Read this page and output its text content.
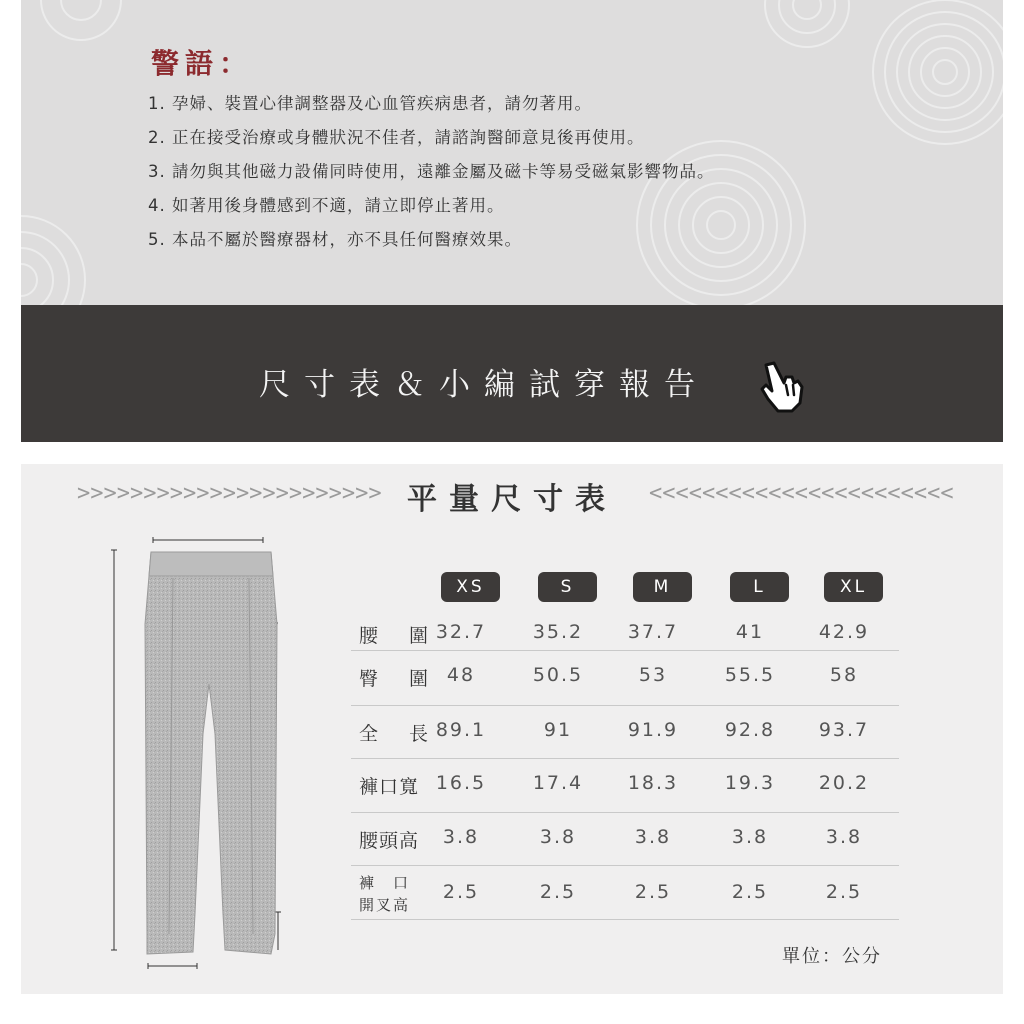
警語：
1. 孕婦、裝置心律調整器及心血管疾病患者，請勿著用。
2. 正在接受治療或身體狀況不佳者，請諮詢醫師意見後再使用。
3. 請勿與其他磁力設備同時使用，遠離金屬及磁卡等易受磁氣影響物品。
4. 如著用後身體感到不適，請立即停止著用。
5. 本品不屬於醫療器材，亦不具任何醫療效果。
尺寸表＆小編試穿報告
>>>>>>>>>>>>>>>>>>>>>>> 平量尺寸表 <<<<<<<<<<<<<<<<<<<<<<<
XS	S	M	L	XL
腰　圍 32.7	35.2	37.7	41	42.9
臀　圍 48	50.5	53	55.5	58
全　長 89.1	91	91.9	92.8	93.7
褲口寬 16.5	17.4	18.3	19.3	20.2
腰頭高	3.8	3.8	3.8	3.8	3.8
褲　口
開叉高
2.5	2.5	2.5	2.5	2.5
單位：公分
